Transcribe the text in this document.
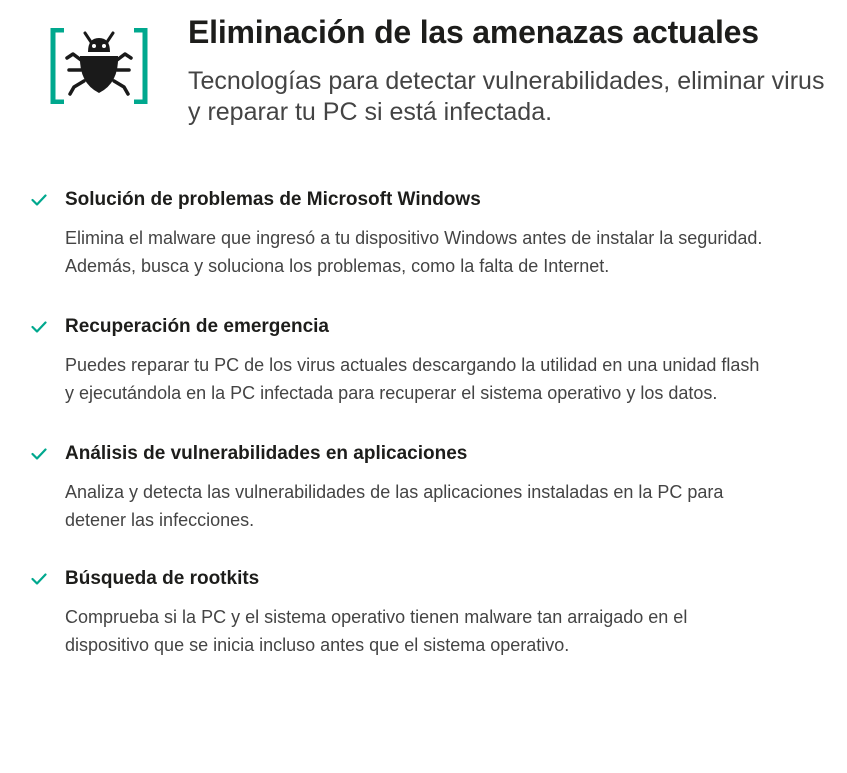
Eliminación de las amenazas actuales

Tecnologías para detectar vulnerabilidades, eliminar virus y reparar tu PC si está infectada.

Solución de problemas de Microsoft Windows

Elimina el malware que ingresó a tu dispositivo Windows antes de instalar la seguridad. Además, busca y soluciona los problemas, como la falta de Internet.

Recuperación de emergencia

Puedes reparar tu PC de los virus actuales descargando la utilidad en una unidad flash y ejecutándola en la PC infectada para recuperar el sistema operativo y los datos.

Análisis de vulnerabilidades en aplicaciones

Analiza y detecta las vulnerabilidades de las aplicaciones instaladas en la PC para detener las infecciones.

Búsqueda de rootkits

Comprueba si la PC y el sistema operativo tienen malware tan arraigado en el dispositivo que se inicia incluso antes que el sistema operativo.
